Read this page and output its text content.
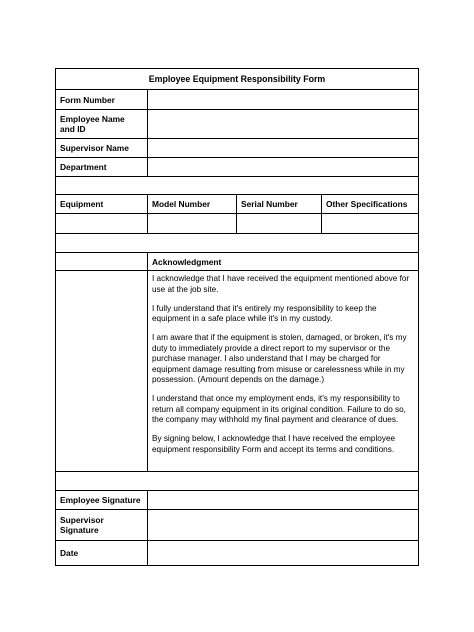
Employee Equipment Responsibility Form
Form Number
Employee Name
and ID
Supervisor Name
Department
Equipment	Model Number	Serial Number	Other Specifications
Acknowledgment

I acknowledge that I have received the equipment mentioned above for use at the job site.

I fully understand that it's entirely my responsibility to keep the equipment in a safe place while it's in my custody.

I am aware that if the equipment is stolen, damaged, or broken, it's my duty to immediately provide a direct report to my supervisor or the purchase manager. I also understand that I may be charged for equipment damage resulting from misuse or carelessness while in my possession. (Amount depends on the damage.)

I understand that once my employment ends, it's my responsibility to return all company equipment in its original condition. Failure to do so, the company may withhold my final payment and clearance of dues.

By signing below, I acknowledge that I have received the employee equipment responsibility Form and accept its terms and conditions.

Employee Signature
Supervisor
Signature
Date
